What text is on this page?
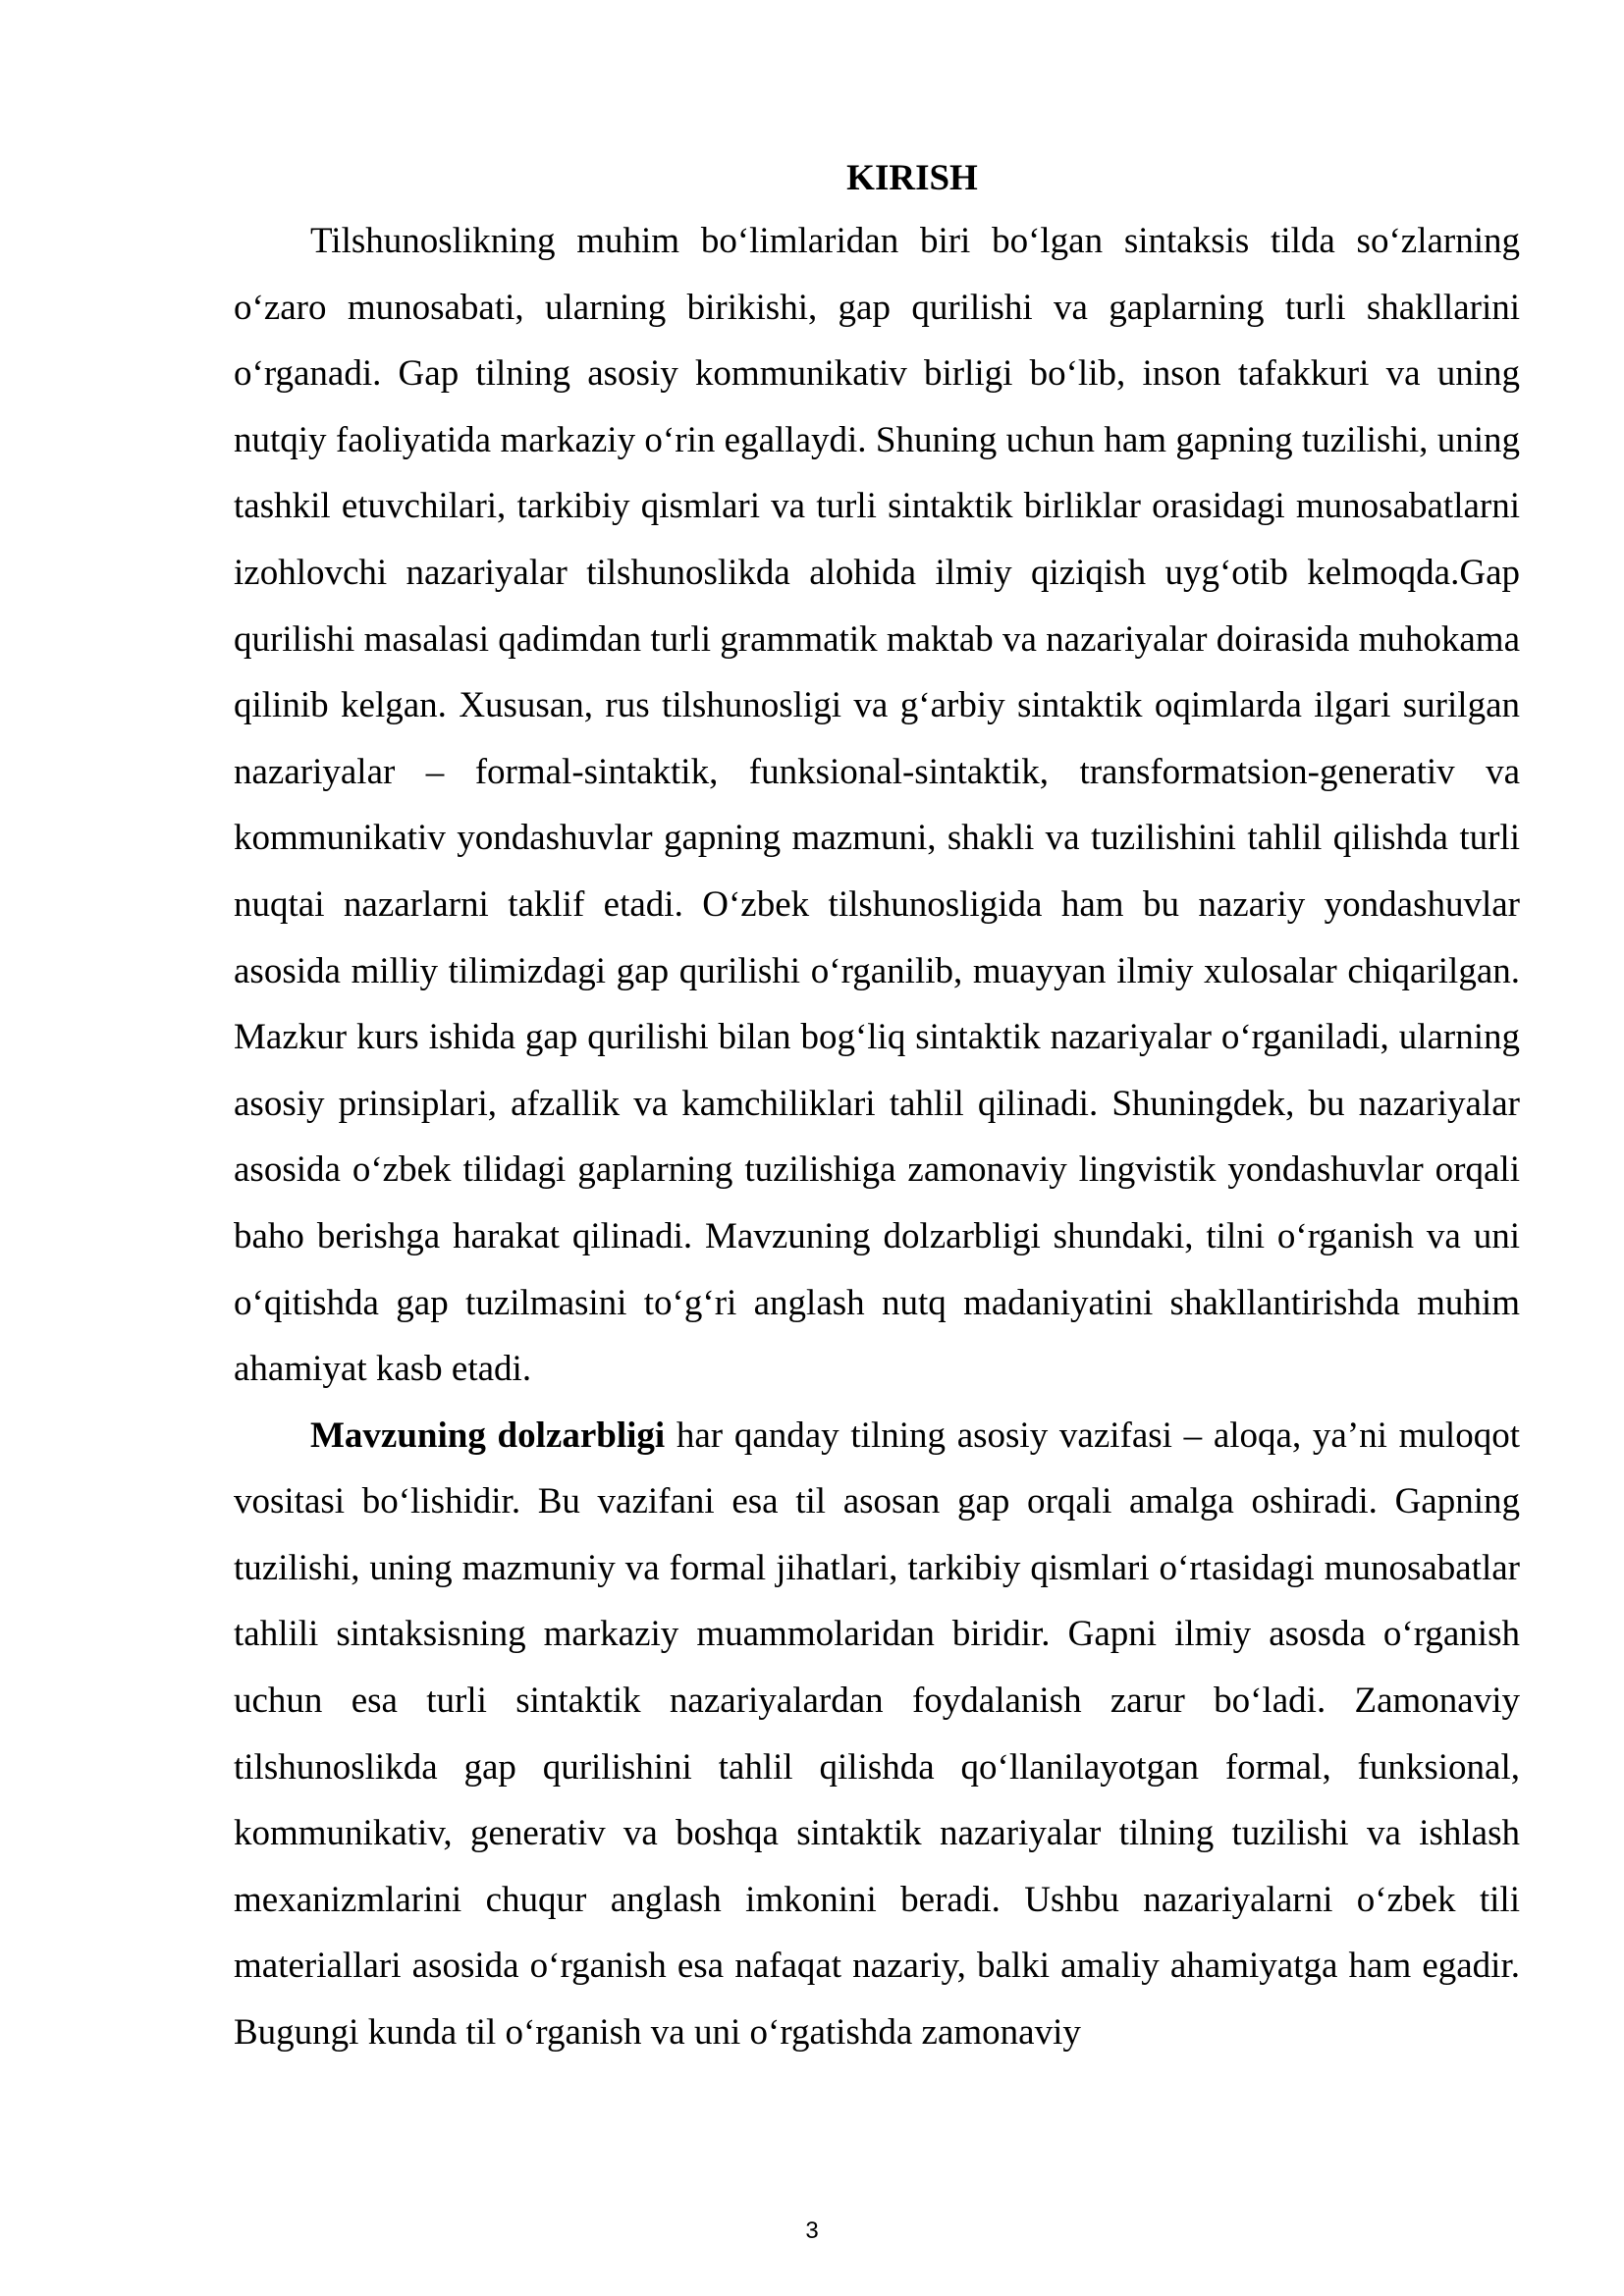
KIRISH

Tilshunoslikning muhim bo‘limlaridan biri bo‘lgan sintaksis tilda so‘zlarning o‘zaro munosabati, ularning birikishi, gap qurilishi va gaplarning turli shakllarini o‘rganadi. Gap tilning asosiy kommunikativ birligi bo‘lib, inson tafakkuri va uning nutqiy faoliyatida markaziy o‘rin egallaydi. Shuning uchun ham gapning tuzilishi, uning tashkil etuvchilari, tarkibiy qismlari va turli sintaktik birliklar orasidagi munosabatlarni izohlovchi nazariyalar tilshunoslikda alohida ilmiy qiziqish uyg‘otib kelmoqda.Gap qurilishi masalasi qadimdan turli grammatik maktab va nazariyalar doirasida muhokama qilinib kelgan. Xususan, rus tilshunosligi va g‘arbiy sintaktik oqimlarda ilgari surilgan nazariyalar – formal-sintaktik, funksional-sintaktik, transformatsion-generativ va kommunikativ yondashuvlar gapning mazmuni, shakli va tuzilishini tahlil qilishda turli nuqtai nazarlarni taklif etadi. O‘zbek tilshunosligida ham bu nazariy yondashuvlar asosida milliy tilimizdagi gap qurilishi o‘rganilib, muayyan ilmiy xulosalar chiqarilgan. Mazkur kurs ishida gap qurilishi bilan bog‘liq sintaktik nazariyalar o‘rganiladi, ularning asosiy prinsiplari, afzallik va kamchiliklari tahlil qilinadi. Shuningdek, bu nazariyalar asosida o‘zbek tilidagi gaplarning tuzilishiga zamonaviy lingvistik yondashuvlar orqali baho berishga harakat qilinadi. Mavzuning dolzarbligi shundaki, tilni o‘rganish va uni o‘qitishda gap tuzilmasini to‘g‘ri anglash nutq madaniyatini shakllantirishda muhim ahamiyat kasb etadi.

Mavzuning dolzarbligi har qanday tilning asosiy vazifasi – aloqa, ya’ni muloqot vositasi bo‘lishidir. Bu vazifani esa til asosan gap orqali amalga oshiradi. Gapning tuzilishi, uning mazmuniy va formal jihatlari, tarkibiy qismlari o‘rtasidagi munosabatlar tahlili sintaksisning markaziy muammolaridan biridir. Gapni ilmiy asosda o‘rganish uchun esa turli sintaktik nazariyalardan foydalanish zarur bo‘ladi. Zamonaviy tilshunoslikda gap qurilishini tahlil qilishda qo‘llanilayotgan formal, funksional, kommunikativ, generativ va boshqa sintaktik nazariyalar tilning tuzilishi va ishlash mexanizmlarini chuqur anglash imkonini beradi. Ushbu nazariyalarni o‘zbek tili materiallari asosida o‘rganish esa nafaqat nazariy, balki amaliy ahamiyatga ham egadir. Bugungi kunda til o‘rganish va uni o‘rgatishda zamonaviy

3
